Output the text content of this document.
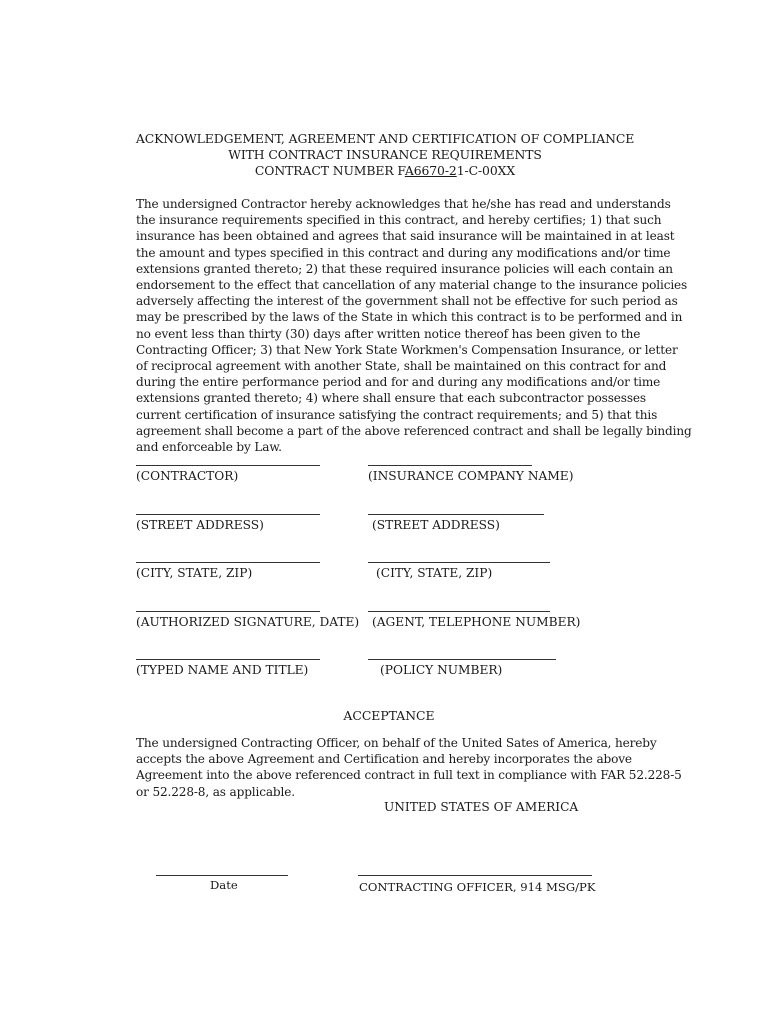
ACKNOWLEDGEMENT, AGREEMENT AND CERTIFICATION OF COMPLIANCE
WITH CONTRACT INSURANCE REQUIREMENTS
CONTRACT NUMBER FA6670-21-C-00XX

The undersigned Contractor hereby acknowledges that he/she has read and understands the insurance requirements specified in this contract, and hereby certifies; 1) that such insurance has been obtained and agrees that said insurance will be maintained in at least the amount and types specified in this contract and during any modifications and/or time extensions granted thereto; 2) that these required insurance policies will each contain an endorsement to the effect that cancellation of any material change to the insurance policies adversely affecting the interest of the government shall not be effective for such period as may be prescribed by the laws of the State in which this contract is to be performed and in no event less than thirty (30) days after written notice thereof has been given to the Contracting Officer; 3) that New York State Workmen's Compensation Insurance, or letter of reciprocal agreement with another State, shall be maintained on this contract for and during the entire performance period and for and during any modifications and/or time extensions granted thereto; 4) where shall ensure that each subcontractor possesses current certification of insurance satisfying the contract requirements; and 5) that this agreement shall become a part of the above referenced contract and shall be legally binding and enforceable by Law.

(CONTRACTOR)
(STREET ADDRESS)
(CITY, STATE, ZIP)
(AUTHORIZED SIGNATURE, DATE)
(TYPED NAME AND TITLE)
(INSURANCE COMPANY NAME)
(STREET ADDRESS)
(CITY, STATE, ZIP)
(AGENT, TELEPHONE NUMBER)
(POLICY NUMBER)
ACCEPTANCE

The undersigned Contracting Officer, on behalf of the United Sates of America, hereby accepts the above Agreement and Certification and hereby incorporates the above Agreement into the above referenced contract in full text in compliance with FAR 52.228-5 or 52.228-8, as applicable.

UNITED STATES OF AMERICA
Date	CONTRACTING OFFICER, 914 MSG/PK
